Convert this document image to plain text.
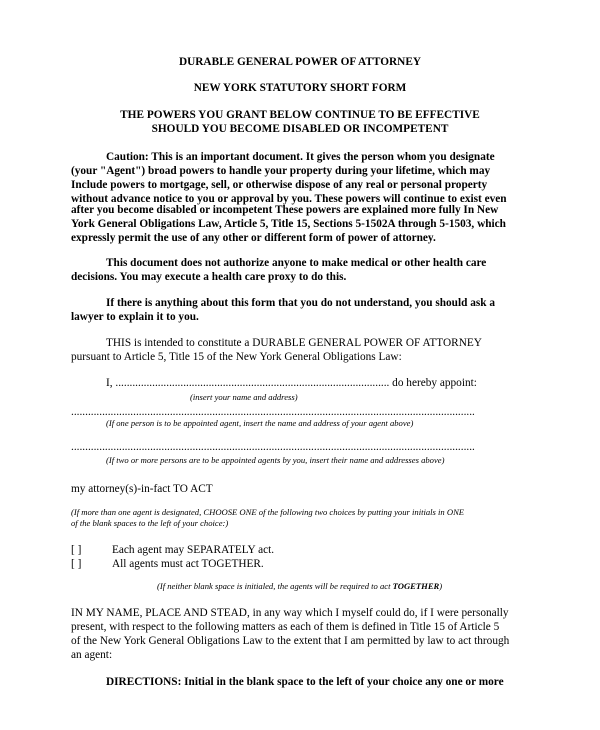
DURABLE GENERAL POWER OF ATTORNEY
NEW YORK STATUTORY SHORT FORM
THE POWERS YOU GRANT BELOW CONTINUE TO BE EFFECTIVE
SHOULD YOU BECOME DISABLED OR INCOMPETENT
Caution: This is an important document. It gives the person whom you designate
(your "Agent") broad powers to handle your property during your lifetime, which may
Include powers to mortgage, sell, or otherwise dispose of any real or personal property
without advance notice to you or approval by you. These powers will continue to exist even
after you become disabled or incompetent These powers are explained more fully In New
York General Obligations Law, Article 5, Title 15, Sections 5-1502A through 5-1503, which
expressly permit the use of any other or different form of power of attorney.
This document does not authorize anyone to make medical or other health care
decisions. You may execute a health care proxy to do this.
If there is anything about this form that you do not understand, you should ask a
lawyer to explain it to you.
THIS is intended to constitute a DURABLE GENERAL POWER OF ATTORNEY
pursuant to Article 5, Title 15 of the New York General Obligations Law:
I, ................................................................................................. do hereby appoint:
(insert your name and address)
...............................................................................................................................................
(If one person is to be appointed agent, insert the name and address of your agent above)
...............................................................................................................................................
(If two or more persons are to be appointed agents by you, insert their name and addresses above)
my attorney(s)-in-fact TO ACT
(If more than one agent is designated, CHOOSE ONE of the following two choices by putting your initials in ONE
of the blank spaces to the left of your choice:)
[ ]	Each agent may SEPARATELY act.
[ ]	All agents must act TOGETHER.
(If neither blank space is initialed, the agents will be required to act TOGETHER)
IN MY NAME, PLACE AND STEAD, in any way which I myself could do, if I were personally
present, with respect to the following matters as each of them is defined in Title 15 of Article 5
of the New York General Obligations Law to the extent that I am permitted by law to act through
an agent:
DIRECTIONS: Initial in the blank space to the left of your choice any one or more
